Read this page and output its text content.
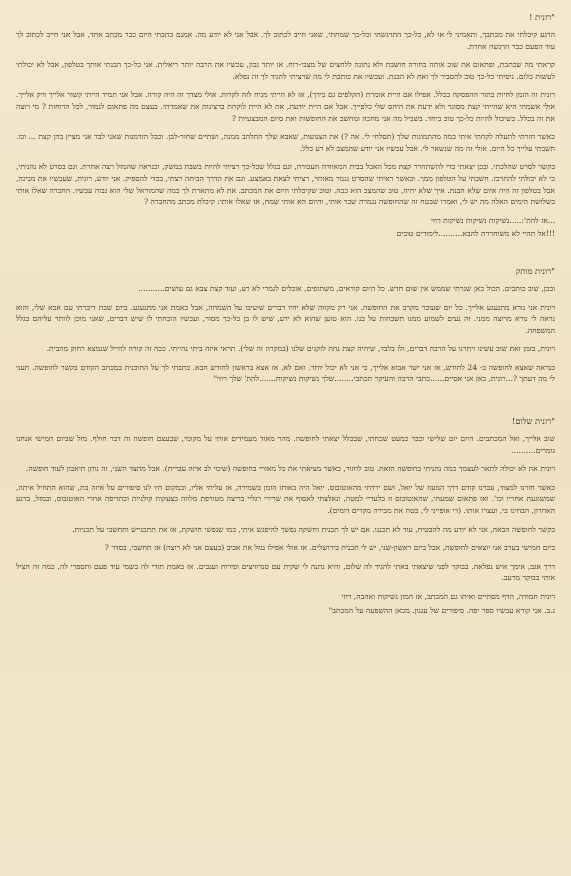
"רונית !

הרגע קיבלתי את מכתבך, ותאמיני לי או לא, כל-כך התרגשתי וכל-כך שמחתי, שאני חייב לכתוב לך. אבל אני לא יודע מה. אמנם כתבתי היום כבר מכתב אחד, אבל אני חייב לכתוב לך עוד הפעם כבר הרגשה אחרת.

קראתי מה שכתבת, ופתאום את שוב אותה בחורה חושבת ולא נתונה ללחצים של מצבי-רוח. או יותר נכון, עכשיו את הרבה יותר ריאלית. אני כל-כך הבנתי אותך בטלפון, אבל לא יכולתי לעשות כלום. ניסיתי כל-כך טוב להסביר לך ואת לא הבנת. ועכשיו את כותבת לי מה שרציתי להגיד לך זה נפלא.

רונית זה הזמן לחיות בתור ההפסקה בכלל. אפילו אם היית אומרת (הקלפים גם בידך), אז לא הייתי מגיח לזה לקרות. אולי מצדך זה היה קורה. אבל אני תמיד הייתי קשור אלייך ורק אלייך. אולי אשמתי היא שהייתי קצת מסוגר ולא ידעת את היחס שלי כלפייך. אבל אם היית יודעת, את לא היית לוקחת ברצינות את שאמרתי. בעצם מה פתאום לגמור, לכל הרוחות ? מי רוצה את זה בכלל. כשיכול להיות כל-כך טוב ביחד. בשביל מה אני מחכה ומחשב את החופשות ואת סיום המבצעיות ?

כאשר חזרתי לתעלה לקחתי איתי כמה מהתמונות שלך (תסלחי לי. אה ?) את הצנועות, שאבא שלך התלהב ממנה, ושתיים שחור-לבן. וכבל הזדמנות שאני לבד אני מציץ בהן קצת ... וכו. חשבתי עלייך כל היום. אולי זה מה שנשאר לי. אבל עכשיו אני יודע שהמצב לא רע כלל.

בקשר לסרט שהלכתי. ובכן יצאתי כדי להשתחרר קצת מכל האבל בבית המאוורה העכורה, וגם בגלל שכל-כך רציתי להיות בשבת במשק, וכנראה שהמזל רצה אחרת. וגם בסרט לא נהניתי, כי לא יכולתי להתרכז. חשבתי על הטלפון ממך. וכאשר ראיתי שהסרט נגמר מאוחר, רציתי לצאת באמצע. וגם את הדרך הביתה רצתי, בכדי להספיק. אני יודע, רונית, שעכשיו את מבינה, אבל בטלפון זה היה איום שלא הבנת. איך שלא יהיה, טוב שהמצב הוא ככה. וטוב שקיבלתי היום את המכתב. את לא מתארת לך כמה שהמוראל שלי הוא גבוה עכשיו. החברה שאלו אותי בשלושת הימים האלה מה יש לי, ואמרו שבטח זה שהחופשה נגמרה שבר אותי, והיום הא אותי שמח, אז שאלו אותי: קיבלת מכתב מהחברה ?

...אז להת':.....נשיקות נשיקות נשיקות רוזי

!!!אל תהיי לא משוחררת להבא..........לימודים טובים

"רונית מותק

ובכן, שוב כותבים. הכול כאן שגרתי שממש אין שום חדש. כל היום קוראים, משתזפים, אוכלים לגמרי לא רע, ועוד קצת צבא גם עושים...........

רונית אני נורא מתגעגע אלייך. כל יום שעובר מקרב את החופשה. אני רק מקווה שלא יהיו דברים שיעיבו על השמחה, אבל באמת אני מתגעגע. ביום שבת דיברתי עם אבא שלי, והוא נראה לי נורא מרוצה ממני. זה נעים לשמוע ממנו תשבחות על בנו. הוא טוען שהוא לא ידע, שיש לו בן כל-כך מסור, ועכשיו הוכחתי לו שיש דברים, שאני מוכן לוותר עליהם בגלל המשפחה.

רונית, בזמן זאת שוב עשינו ויתרנו על הרבה דברים, ולו בלבד, שיהיה קצת נחת לזקנים שלנו (במקרה זה שלי). תראי איזה ביתי נהייתי. ככה זה קורה לחייל שנמצא רחוק מהבית.

כנראה שאצא לחופשה ב- 24 לחודש, אז אני ישר אבוא אלייך, כי אני לא יכול יותר. ואם לא, אז אצא בראשון לחודש הבא. כתבתי לך על התוכנית במכתב הקודם בקשר לחופשה. תעני לי מה דעתך ?...רונית, כאן אני אסיים......כתבי הרבה והעיקר תכתבי........שלך נשיקות נשיקות.......להת' שלך רוזי"

"רונית שלום!

שוב אלייך, ואל המכתבים. היום יום שלישי וכבר כמעט שכחתי, שבכלל יצאתי לחופשה. מהר מאוד מעמידים אותי על מקומי, שבעצם חופשה זה דבר חולף. מזל שביום חמישי אנחנו גומרים..........

רונית את לא יכולה לתאר לעצמך כמה נהניתי בחופשה הזאת. טוב לחזור, כאשר מציאתי את כל מאוויי בחופשה (שימי לב איזה עברית). אבל מהצד השני, זה נותן תיאבון לעוד חופשה.

כאשר חזרנו למצוד, עברנו קודם דרך המעוז של יואל, ושם ירדתי מהאוטובוס. יואל היה באותו הזמן בשמירה, אז עליתי אליו, ובמקום היו לנו סיפורים על איזה בת, שהוא התחיל איתה, שמשוגעת אחריו וכו'. ואז פתאום שמעתי, שהאוטובוס זז בלעדיי למטה, ונאלצתי לאסוף את שרירי רגליי בריצה מטורפת מלווה בצעקות קולניות ובחדיפה אחרי האוטובוס, ובמזל, ברגע האחרון, הבחינו בי, ועצרו אותו. (די אופייני לי, בטח את מכירה מקרים דומים).

בקשר לחופשה הבאה, אני לא יודע מה להבטיח, עוד לא תכננו. אם יש לך תכנית וחשקה נפשך להיפגש איתי, כמו שנפשי חושקת, אז את תתכנייש ותחשבי על תכניות.

ביום חמישי בערב אנו יוצאים לחופשה, אבל ביום ראשון-שני, יש לי תכנית בירושלים. אז אולי אפילו נגזל את אביב (בעצם אני לא רוצה) אז תחשבי, בסדר ?

דרך אגב, אימך איש נפלאה. בבוקר לפני שיצאתי באתי להגיד לה שלום, והיא נתנה לי שקית עם סנדוויצים ופירות וענבים. אז באמת תודי לה בשמי עוד פעם ותספרי לה, כמה זה הציל אותי בבוקר מרעב.

רונית חמודה, הדף מסתיים ואיתו גם המכתב, אז המון נשיקות ואהבה, רוזי

נ.ב. אני קורא עכשיו ספר יפה. סיפורים של עגנון. מכאן ההשפעה על המכתב"
